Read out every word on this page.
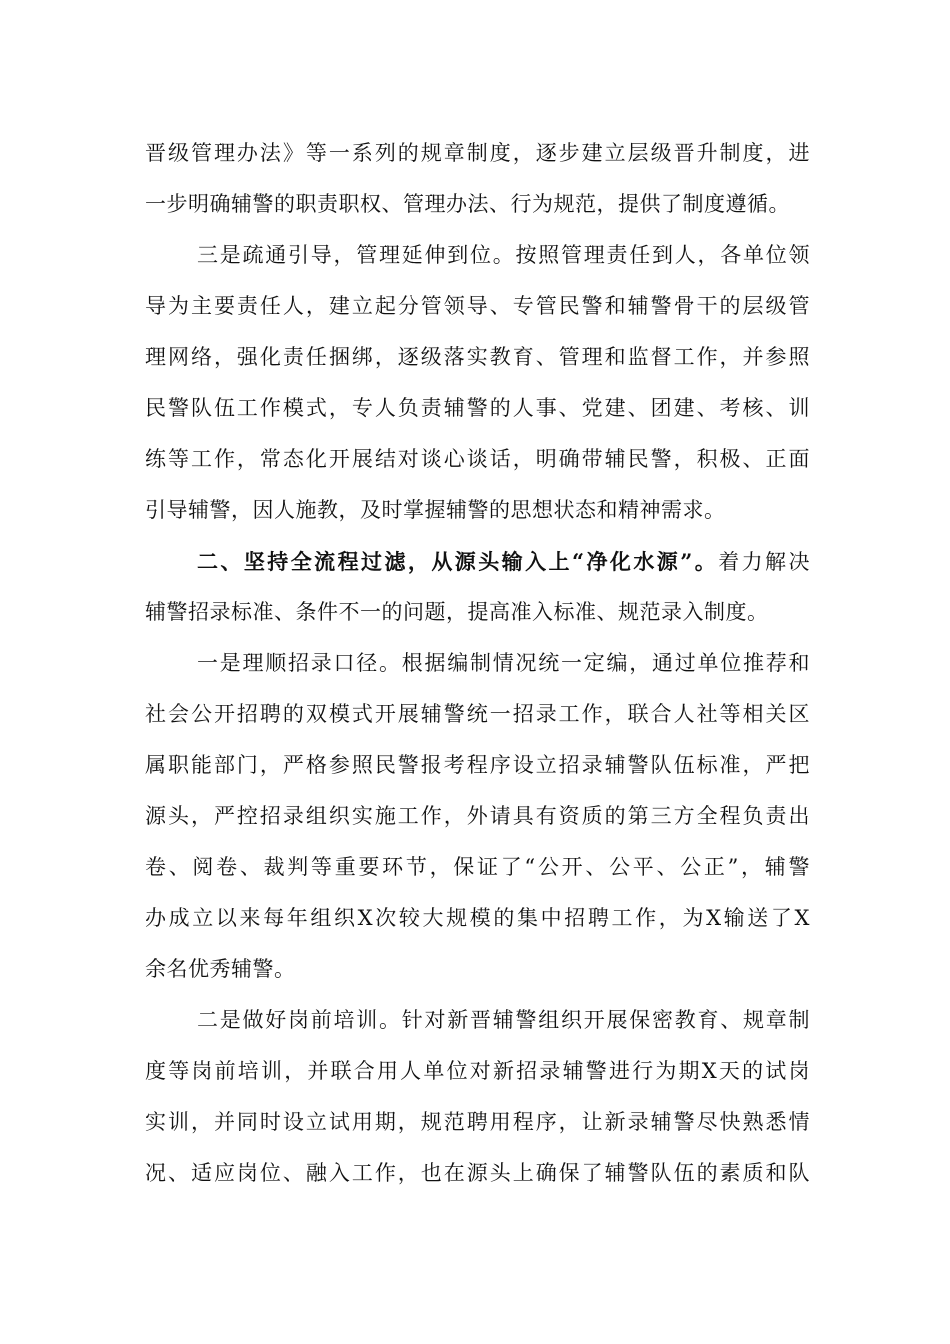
晋级管理办法》等一系列的规章制度，逐步建立层级晋升制度，进
一步明确辅警的职责职权、管理办法、行为规范，提供了制度遵循。
三是疏通引导，管理延伸到位。按照管理责任到人，各单位领
导为主要责任人，建立起分管领导、专管民警和辅警骨干的层级管
理网络，强化责任捆绑，逐级落实教育、管理和监督工作，并参照
民警队伍工作模式，专人负责辅警的人事、党建、团建、考核、训
练等工作，常态化开展结对谈心谈话，明确带辅民警，积极、正面
引导辅警，因人施教，及时掌握辅警的思想状态和精神需求。
二、坚持全流程过滤，从源头输入上“净化水源”。着力解决
辅警招录标准、条件不一的问题，提高准入标准、规范录入制度。
一是理顺招录口径。根据编制情况统一定编，通过单位推荐和
社会公开招聘的双模式开展辅警统一招录工作，联合人社等相关区
属职能部门，严格参照民警报考程序设立招录辅警队伍标准，严把
源头，严控招录组织实施工作，外请具有资质的第三方全程负责出
卷、阅卷、裁判等重要环节，保证了“公开、公平、公正”，辅警
办成立以来每年组织X次较大规模的集中招聘工作，为X输送了X
余名优秀辅警。
二是做好岗前培训。针对新晋辅警组织开展保密教育、规章制
度等岗前培训，并联合用人单位对新招录辅警进行为期X天的试岗
实训，并同时设立试用期，规范聘用程序，让新录辅警尽快熟悉情
况、适应岗位、融入工作，也在源头上确保了辅警队伍的素质和队
